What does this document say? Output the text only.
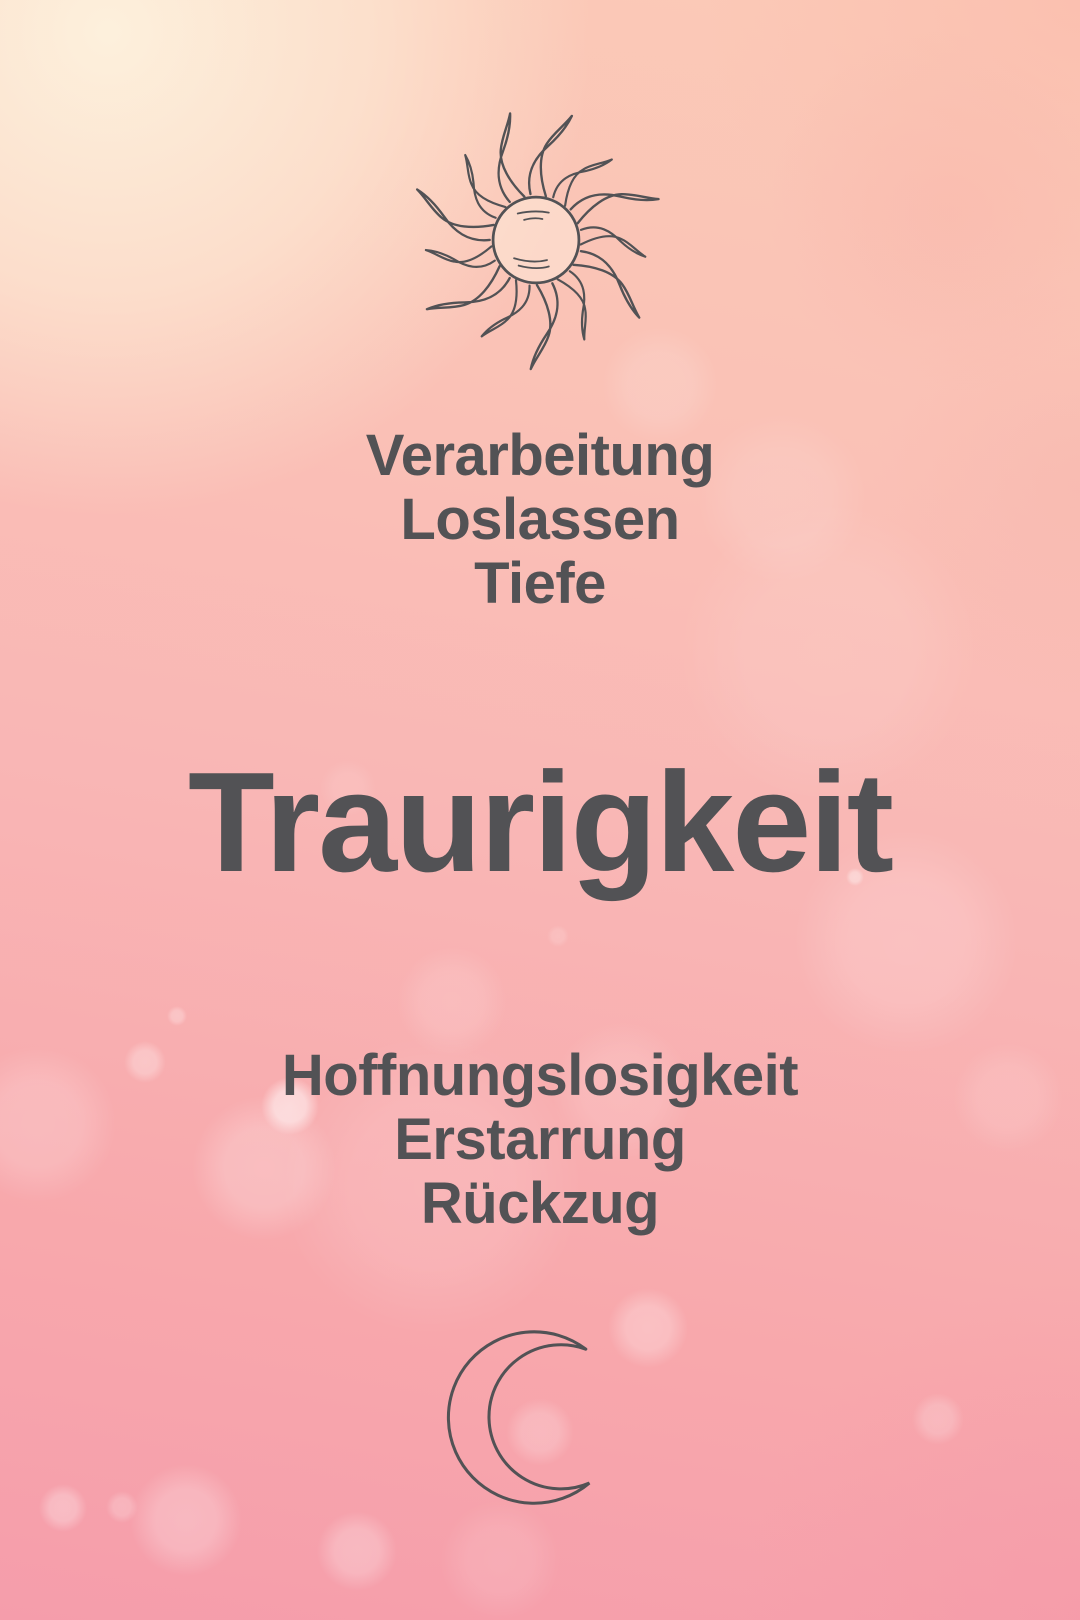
Verarbeitung
Loslassen
Tiefe
Traurigkeit
Hoffnungslosigkeit
Erstarrung
Rückzug
